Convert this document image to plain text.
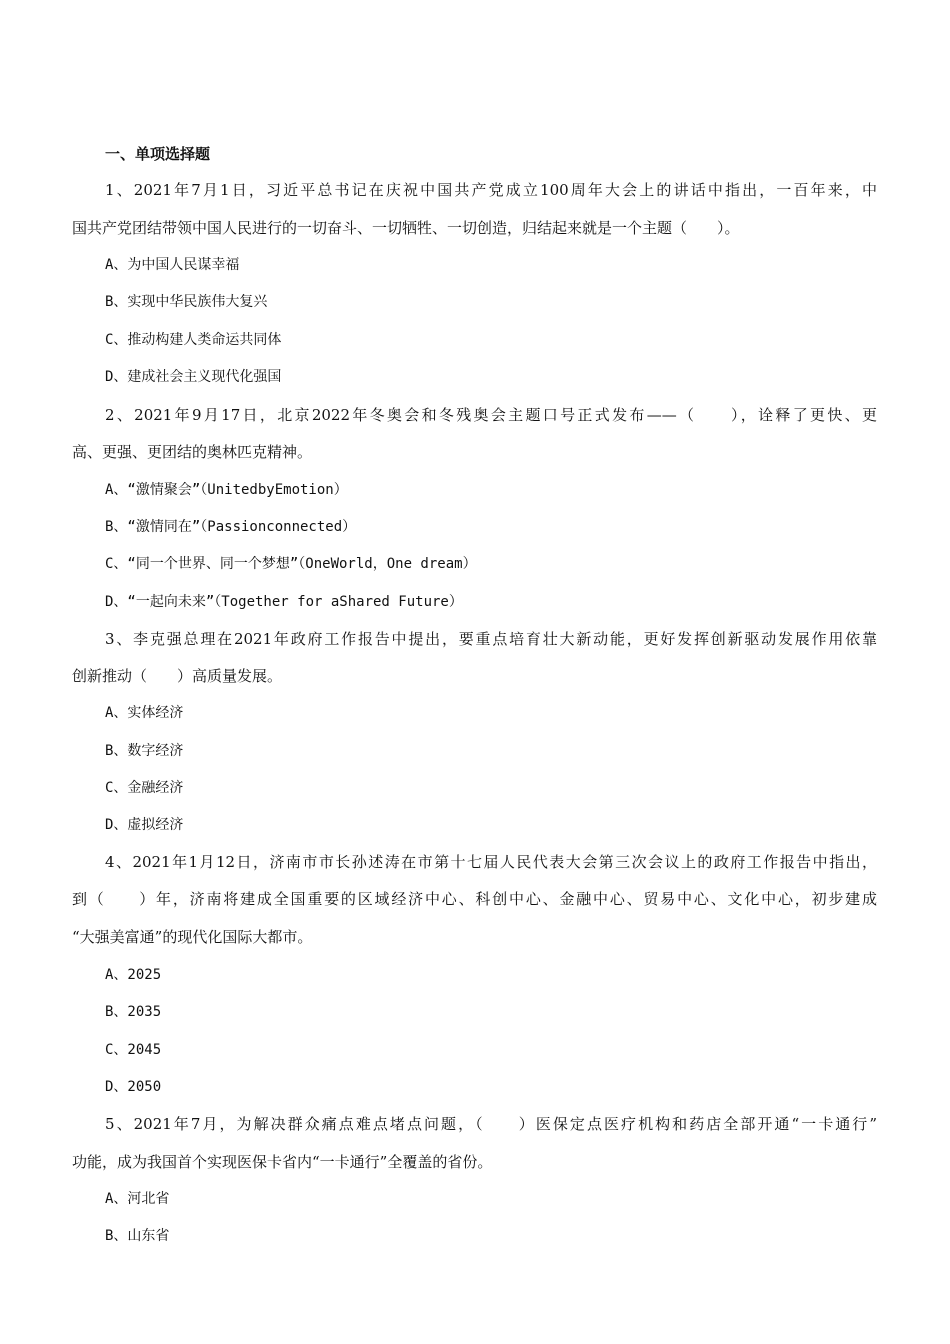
一、单项选择题
1、2021年7月1日，习近平总书记在庆祝中国共产党成立100周年大会上的讲话中指出，一百年来，中
国共产党团结带领中国人民进行的一切奋斗、一切牺牲、一切创造，归结起来就是一个主题（　　）。
A、为中国人民谋幸福
B、实现中华民族伟大复兴
C、推动构建人类命运共同体
D、建成社会主义现代化强国
2、2021年9月17日，北京2022年冬奥会和冬残奥会主题口号正式发布——（　　），诠释了更快、更
高、更强、更团结的奥林匹克精神。
A、“激情聚会”（UnitedbyEmotion）
B、“激情同在”（Passionconnected）
C、“同一个世界、同一个梦想”（OneWorld，One dream）
D、“一起向未来”（Together for aShared Future）
3、李克强总理在2021年政府工作报告中提出，要重点培育壮大新动能，更好发挥创新驱动发展作用依靠
创新推动（　　）高质量发展。
A、实体经济
B、数字经济
C、金融经济
D、虚拟经济
4、2021年1月12日，济南市市长孙述涛在市第十七届人民代表大会第三次会议上的政府工作报告中指出，
到（　　）年，济南将建成全国重要的区域经济中心、科创中心、金融中心、贸易中心、文化中心，初步建成
“大强美富通”的现代化国际大都市。
A、2025
B、2035
C、2045
D、2050
5、2021年7月，为解决群众痛点难点堵点问题，（　　）医保定点医疗机构和药店全部开通“一卡通行”
功能，成为我国首个实现医保卡省内“一卡通行”全覆盖的省份。
A、河北省
B、山东省
